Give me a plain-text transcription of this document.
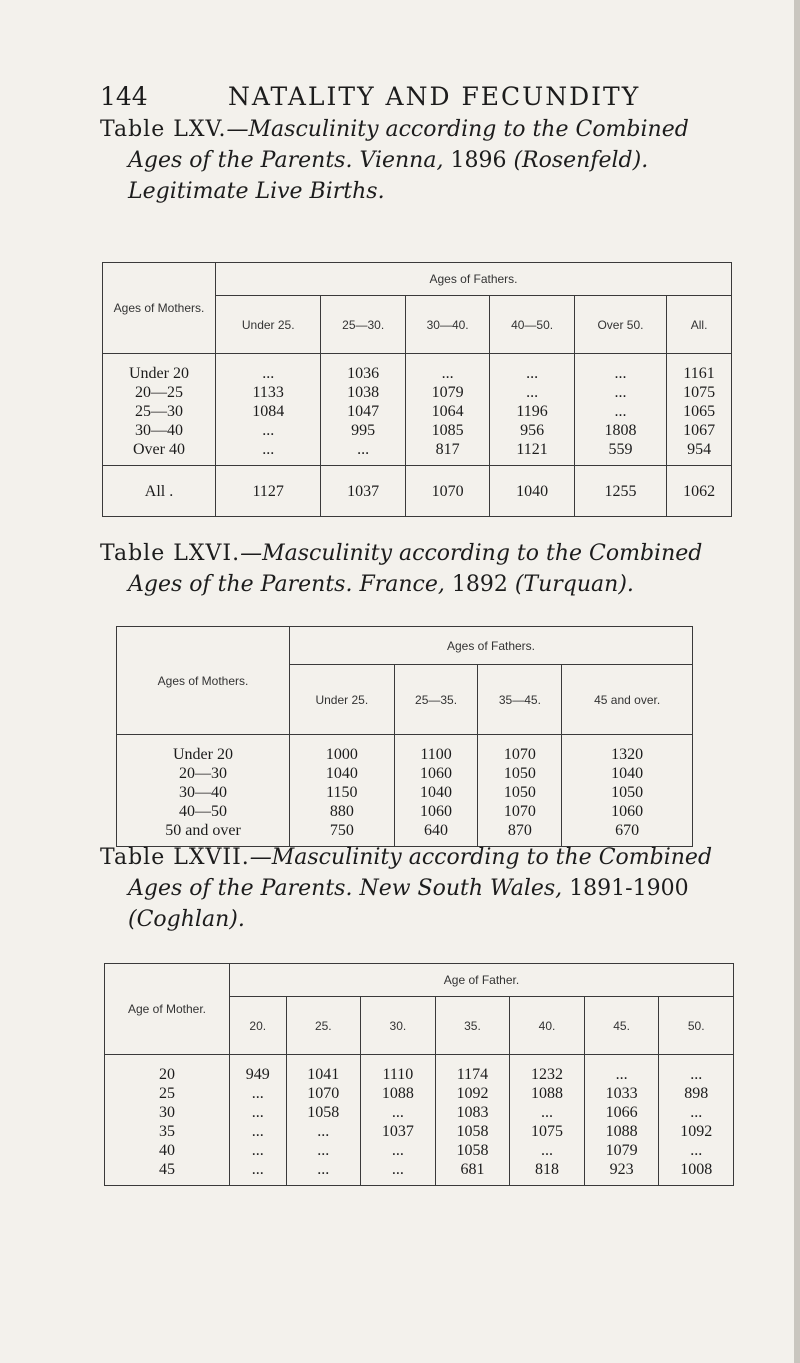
144	NATALITY AND FECUNDITY
Table LXV.—Masculinity according to the Combined
Ages of the Parents. Vienna, 1896 (Rosenfeld).
Legitimate Live Births.
Ages of Mothers.	Ages of Fathers.					
	Under 25.	25—30.	30—40.	40—50.	Over 50.	All.
Under 20	...	1036	...	...	...	1161
20—25	1133	1038	1079	...	...	1075
25—30	1084	1047	1064	1196	...	1065
30—40	...	995	1085	956	1808	1067
Over 40	...	...	817	1121	559	954
All .	1127	1037	1070	1040	1255	1062
Table LXVI.—Masculinity according to the Combined
Ages of the Parents. France, 1892 (Turquan).
Ages of Mothers.	Ages of Fathers.			
	Under 25.	25—35.	35—45.	45 and over.
Under 20	1000	1100	1070	1320
20—30	1040	1060	1050	1040
30—40	1150	1040	1050	1050
40—50	880	1060	1070	1060
50 and over	750	640	870	670
Table LXVII.—Masculinity according to the Combined
Ages of the Parents. New South Wales, 1891-1900
(Coghlan).
Age of Mother.	Age of Father.						
	20.	25.	30.	35.	40.	45.	50.
20	949	1041	1110	1174	1232	...	...
25	...	1070	1088	1092	1088	1033	898
30	...	1058	...	1083	...	1066	...
35	...	...	1037	1058	1075	1088	1092
40	...	...	...	1058	...	1079	...
45	...	...	...	681	818	923	1008
